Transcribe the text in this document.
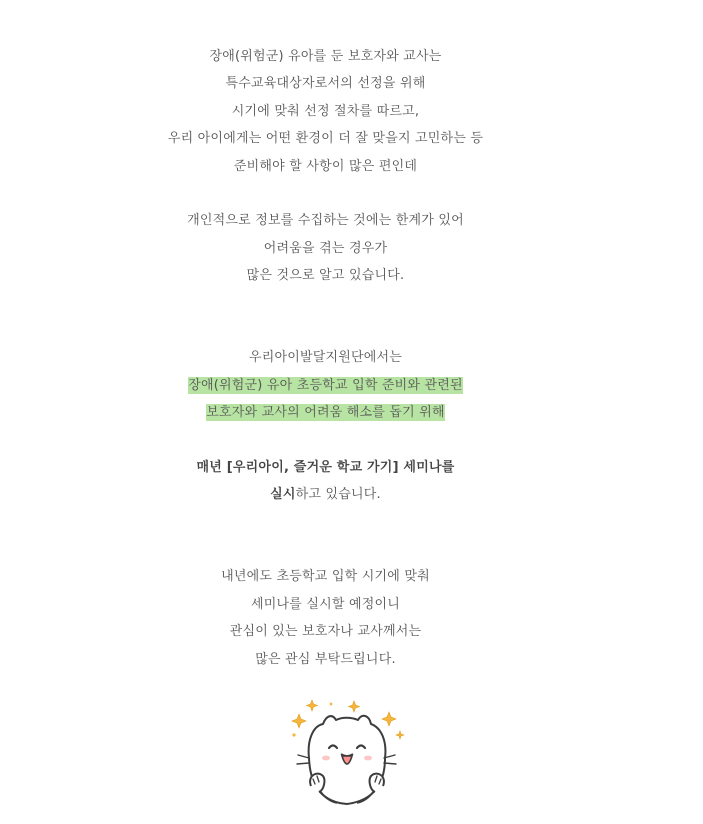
장애(위험군) 유아를 둔 보호자와 교사는
특수교육대상자로서의 선정을 위해
시기에 맞춰 선정 절차를 따르고,
우리 아이에게는 어떤 환경이 더 잘 맞을지 고민하는 등
준비해야 할 사항이 많은 편인데
개인적으로 정보를 수집하는 것에는 한계가 있어
어려움을 겪는 경우가
많은 것으로 알고 있습니다.
우리아이발달지원단에서는
장애(위험군) 유아 초등학교 입학 준비와 관련된
보호자와 교사의 어려움 해소를 돕기 위해
매년 [우리아이, 즐거운 학교 가기] 세미나를
실시하고 있습니다.
내년에도 초등학교 입학 시기에 맞춰
세미나를 실시할 예정이니
관심이 있는 보호자나 교사께서는
많은 관심 부탁드립니다.
